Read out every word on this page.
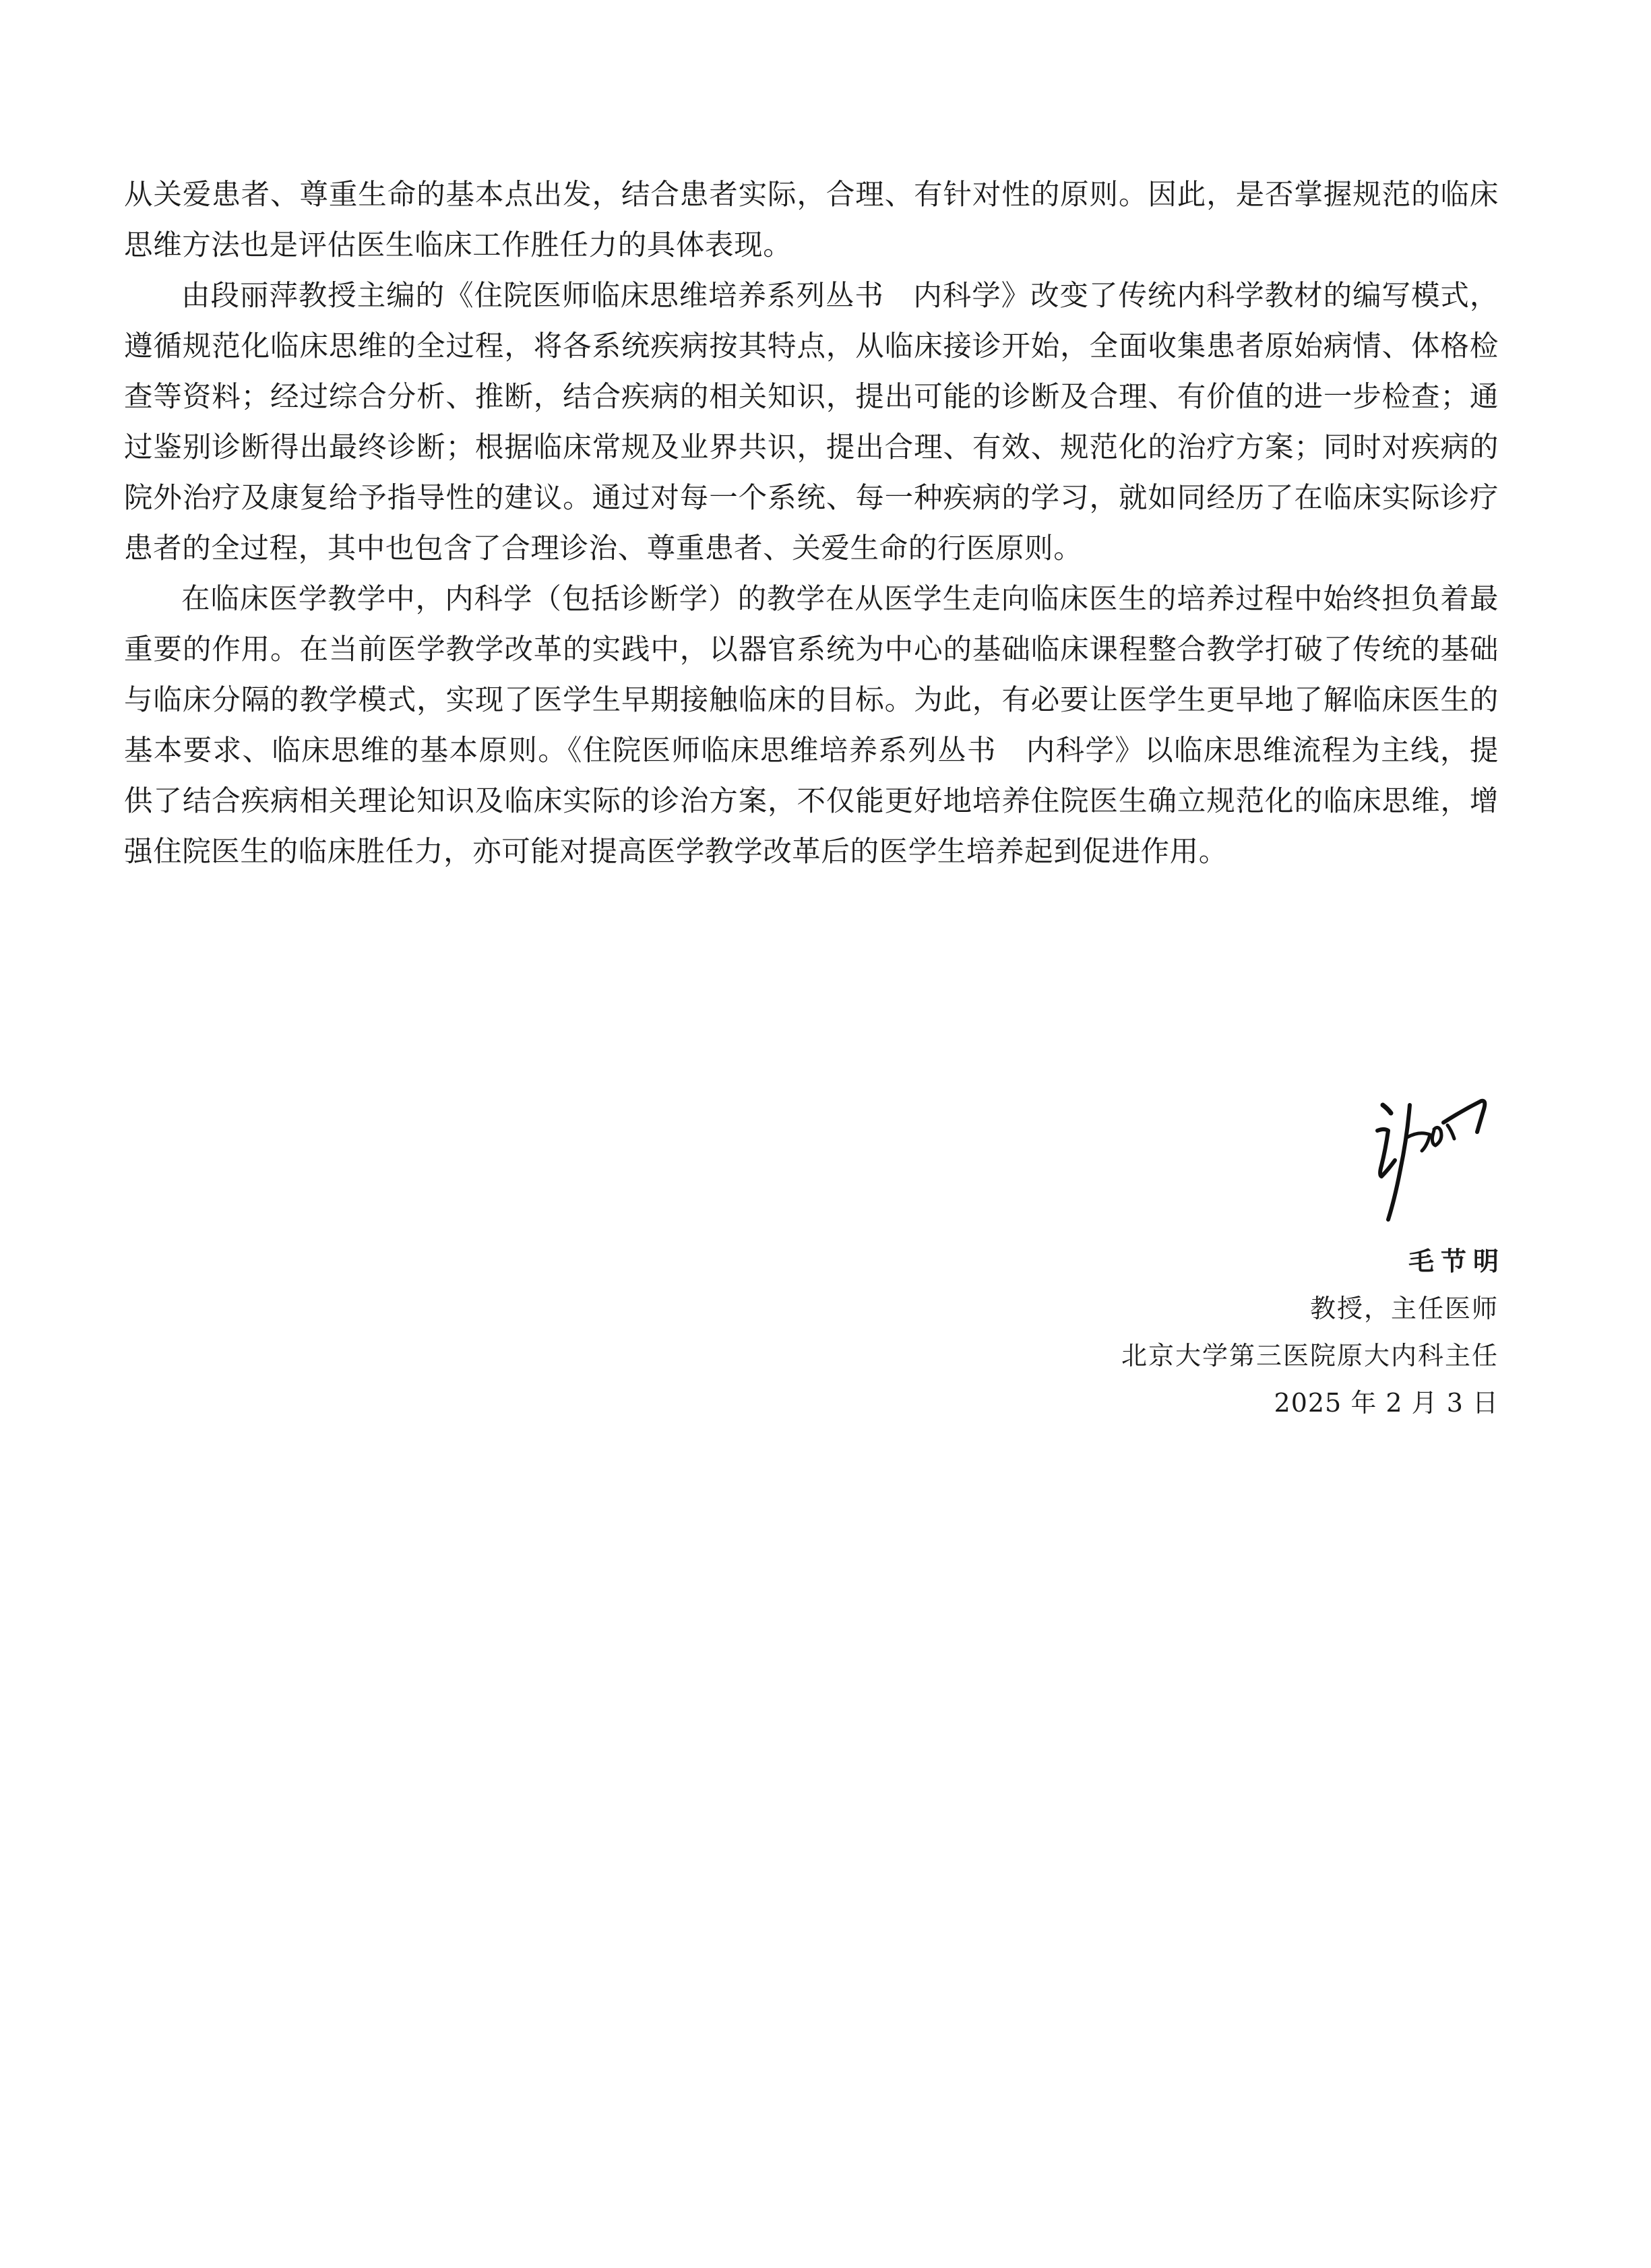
从关爱患者、尊重生命的基本点出发，结合患者实际，合理、有针对性的原则。因此，是否掌握规范的临床思维方法也是评估医生临床工作胜任力的具体表现。

由段丽萍教授主编的《住院医师临床思维培养系列丛书　内科学》改变了传统内科学教材的编写模式，遵循规范化临床思维的全过程，将各系统疾病按其特点，从临床接诊开始，全面收集患者原始病情、体格检查等资料；经过综合分析、推断，结合疾病的相关知识，提出可能的诊断及合理、有价值的进一步检查；通过鉴别诊断得出最终诊断；根据临床常规及业界共识，提出合理、有效、规范化的治疗方案；同时对疾病的院外治疗及康复给予指导性的建议。通过对每一个系统、每一种疾病的学习，就如同经历了在临床实际诊疗患者的全过程，其中也包含了合理诊治、尊重患者、关爱生命的行医原则。

在临床医学教学中，内科学（包括诊断学）的教学在从医学生走向临床医生的培养过程中始终担负着最重要的作用。在当前医学教学改革的实践中，以器官系统为中心的基础临床课程整合教学打破了传统的基础与临床分隔的教学模式，实现了医学生早期接触临床的目标。为此，有必要让医学生更早地了解临床医生的基本要求、临床思维的基本原则。《住院医师临床思维培养系列丛书　内科学》以临床思维流程为主线，提供了结合疾病相关理论知识及临床实际的诊治方案，不仅能更好地培养住院医生确立规范化的临床思维，增强住院医生的临床胜任力，亦可能对提高医学教学改革后的医学生培养起到促进作用。

毛节明
教授，主任医师
北京大学第三医院原大内科主任
2025 年 2 月 3 日
